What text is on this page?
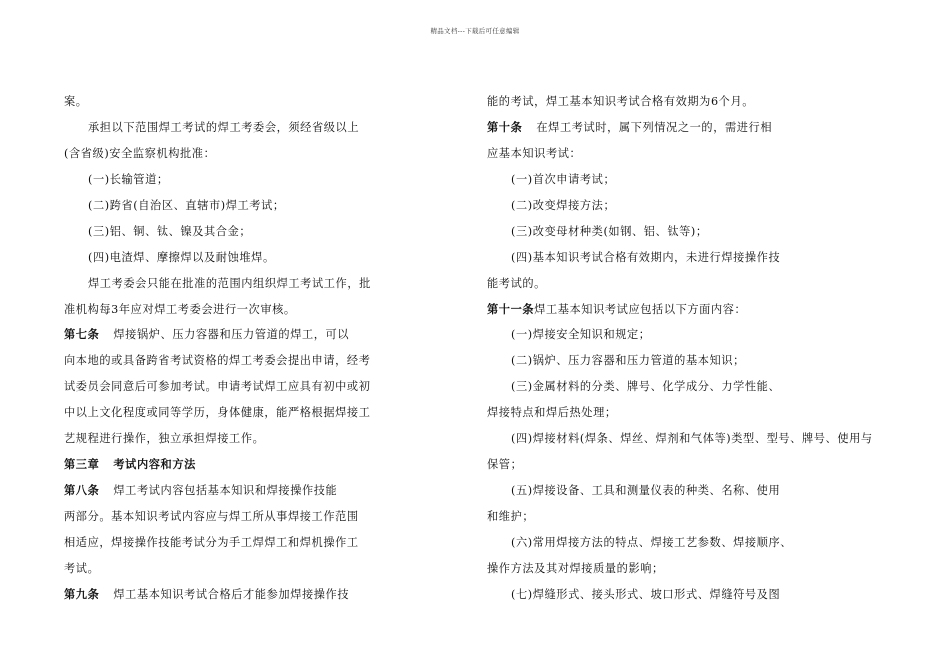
精品文档---下载后可任意编辑
案。
承担以下范围焊工考试的焊工考委会，须经省级以上
(含省级)安全监察机构批准：
(一)长输管道；
(二)跨省(自治区、直辖市)焊工考试；
(三)铝、铜、钛、镍及其合金；
(四)电渣焊、摩擦焊以及耐蚀堆焊。
焊工考委会只能在批准的范围内组织焊工考试工作，批
准机构每3年应对焊工考委会进行一次审核。
第七条 焊接锅炉、压力容器和压力管道的焊工，可以
向本地的或具备跨省考试资格的焊工考委会提出申请，经考
试委员会同意后可参加考试。申请考试焊工应具有初中或初
中以上文化程度或同等学历，身体健康，能严格根据焊接工
艺规程进行操作，独立承担焊接工作。
第三章 考试内容和方法
第八条 焊工考试内容包括基本知识和焊接操作技能
两部分。基本知识考试内容应与焊工所从事焊接工作范围
相适应，焊接操作技能考试分为手工焊焊工和焊机操作工
考试。
第九条 焊工基本知识考试合格后才能参加焊接操作技
能的考试，焊工基本知识考试合格有效期为6个月。
第十条 在焊工考试时，属下列情况之一的，需进行相
应基本知识考试：
(一)首次申请考试；
(二)改变焊接方法；
(三)改变母材种类(如钢、铝、钛等)；
(四)基本知识考试合格有效期内，未进行焊接操作技
能考试的。
第十一条焊工基本知识考试应包括以下方面内容：
(一)焊接安全知识和规定；
(二)锅炉、压力容器和压力管道的基本知识；
(三)金属材料的分类、牌号、化学成分、力学性能、
焊接特点和焊后热处理；
(四)焊接材料(焊条、焊丝、焊剂和气体等)类型、型号、牌号、使用与
保管；
(五)焊接设备、工具和测量仪表的种类、名称、使用
和维护；
(六)常用焊接方法的特点、焊接工艺参数、焊接顺序、
操作方法及其对焊接质量的影响；
(七)焊缝形式、接头形式、坡口形式、焊缝符号及图
